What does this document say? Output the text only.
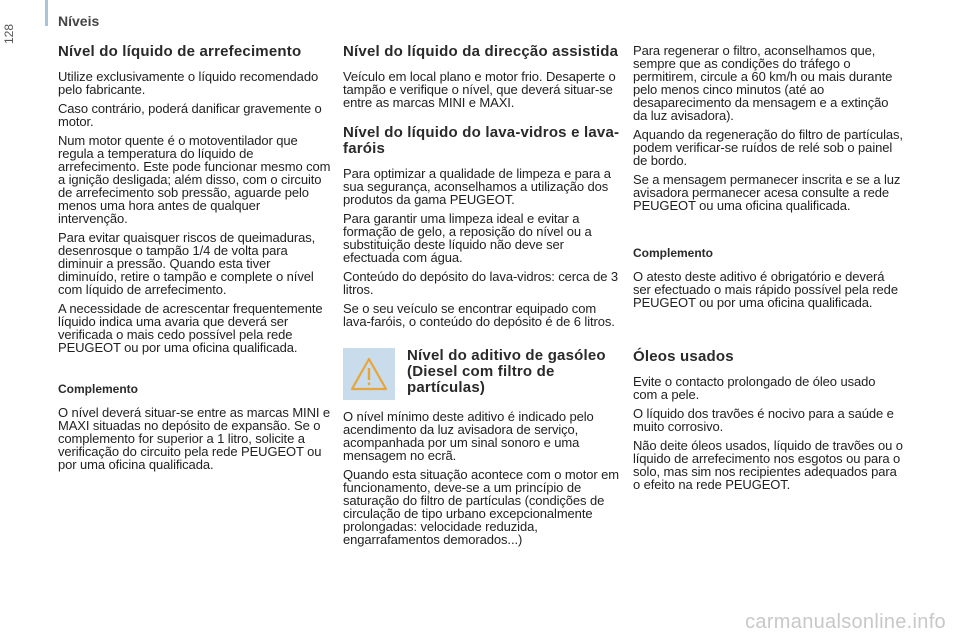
Níveis
128
Nível do líquido de arrefecimento

Utilize exclusivamente o líquido recomendado pelo fabricante.

Caso contrário, poderá danificar gravemente o motor.

Num motor quente é o motoventilador que regula a temperatura do líquido de arrefecimento. Este pode funcionar mesmo com a ignição desligada; além disso, com o circuito de arrefecimento sob pressão, aguarde pelo menos uma hora antes de qualquer intervenção.

Para evitar quaisquer riscos de queimaduras, desenrosque o tampão 1/4 de volta para diminuir a pressão. Quando esta tiver diminuído, retire o tampão e complete o nível com líquido de arrefecimento.

A necessidade de acrescentar frequentemente líquido indica uma avaria que deverá ser verificada o mais cedo possível pela rede PEUGEOT ou por uma oficina qualificada.

Complemento

O nível deverá situar-se entre as marcas MINI e MAXI situadas no depósito de expansão. Se o complemento for superior a 1 litro, solicite a verificação do circuito pela rede PEUGEOT ou por uma oficina qualificada.

Nível do líquido da direcção assistida

Veículo em local plano e motor frio. Desaperte o tampão e verifique o nível, que deverá situar-se entre as marcas MINI e MAXI.

Nível do líquido do lava-vidros e lava-faróis

Para optimizar a qualidade de limpeza e para a sua segurança, aconselhamos a utilização dos produtos da gama PEUGEOT.

Para garantir uma limpeza ideal e evitar a formação de gelo, a reposição do nível ou a substituição deste líquido não deve ser efectuada com água.

Conteúdo do depósito do lava-vidros: cerca de 3 litros.

Se o seu veículo se encontrar equipado com lava-faróis, o conteúdo do depósito é de 6 litros.

Nível do aditivo de gasóleo (Diesel com filtro de partículas)

O nível mínimo deste aditivo é indicado pelo acendimento da luz avisadora de serviço, acompanhada por um sinal sonoro e uma mensagem no ecrã.

Quando esta situação acontece com o motor em funcionamento, deve-se a um princípio de saturação do filtro de partículas (condições de circulação de tipo urbano excepcionalmente prolongadas: velocidade reduzida, engarrafamentos demorados...)

Para regenerar o filtro, aconselhamos que, sempre que as condições do tráfego o permitirem, circule a 60 km/h ou mais durante pelo menos cinco minutos (até ao desaparecimento da mensagem e a extinção da luz avisadora).

Aquando da regeneração do filtro de partículas, podem verificar-se ruídos de relé sob o painel de bordo.

Se a mensagem permanecer inscrita e se a luz avisadora permanecer acesa consulte a rede PEUGEOT ou uma oficina qualificada.

Complemento

O atesto deste aditivo é obrigatório e deverá ser efectuado o mais rápido possível pela rede PEUGEOT ou por uma oficina qualificada.

Óleos usados

Evite o contacto prolongado de óleo usado com a pele.

O líquido dos travões é nocivo para a saúde e muito corrosivo.

Não deite óleos usados, líquido de travões ou o líquido de arrefecimento nos esgotos ou para o solo, mas sim nos recipientes adequados para o efeito na rede PEUGEOT.

carmanualsonline.info
